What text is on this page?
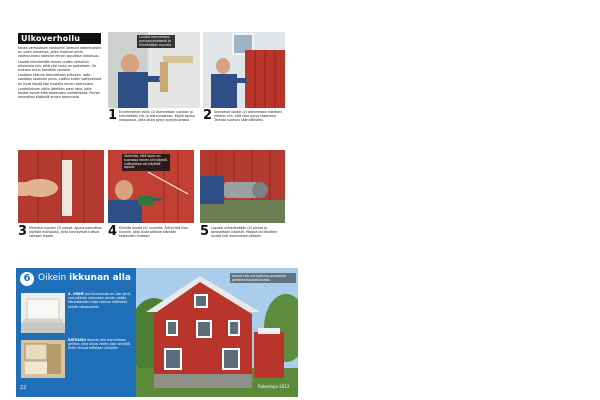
Ulkoverhoilu

Koska verhouksen vanhoihin järeisiin rakennuksiin on usein pienempi, joten huomioi omat rakennuksesi rakenne ennen lopullista ratkaisua.

Laudat kiinnitetään ennen uuden verhoilun alkamista niin, että yksi lauta on paikallaan. Se tuetaan ensin kahdella naulalla.

Lautojen tilanne tarkistetaan erikseen, jotta saadaan tasainen pinta. Lisäksi kaikki vaihtoehdot on hyvä käydä läpi huolella ennen asennusta.

Laudoituksen väliin jätetään pieni rako, jotta laudat voivat elää kosteuden vaihdellessa. Pinnat kannattaa käsitellä ennen asennusta.

Laudat asennetaan pystysuuntaisesti ja kiinnitetään ruuvein.
1 Ensimmäinen lauta (1) asennetaan suoraan ja kiinnitetään ylä- ja alareunastaan. Käytä apuna vatupassia, jotta lauta pysyy pystysuorassa.	2 Seuraavat laudat (2) asennetaan edellisen viereen niin, että rako pysyy tasaisena. Tarkista suoruus säännöllisesti.
Varmista, että lauta on suorassa ennen kiinnitystä. Lattialistaa voi käyttää apuna.
3 Merkitse ruuvien (3) paikat. Apuna kannattaa käyttää mallipalaa, jotta kiinnitykset tulevat samaan linjaan.	4 Kiinnitä laudat (4) ruuveilla. Älä kiristä liian tiukalle, jotta lauta pääsee elämään kosteuden mukaan.	5 Lopuksi viimeistellään (5) pinnat ja tarkistetaan liitokset. Maalaa tai käsittele laudat heti asennuksen jälkeen.
6 Oikein ikkunan alla
A. VIRHE Jos ikkunalauta on liian lyhyt, vesi pääsee valumaan seinän sisään. Ikkunalaudan tulee ulottua riittävästi seinän ulkopuolelle.
RATKAISU Ikkunan alle asennetaan pellitys, joka ohjaa veden pois seinältä. Pellin reunat taitetaan ylöspäin.
22
Valmis talo verhoiltuna punaisella peiterimalaudoituksella.
Rakentaja 2013
